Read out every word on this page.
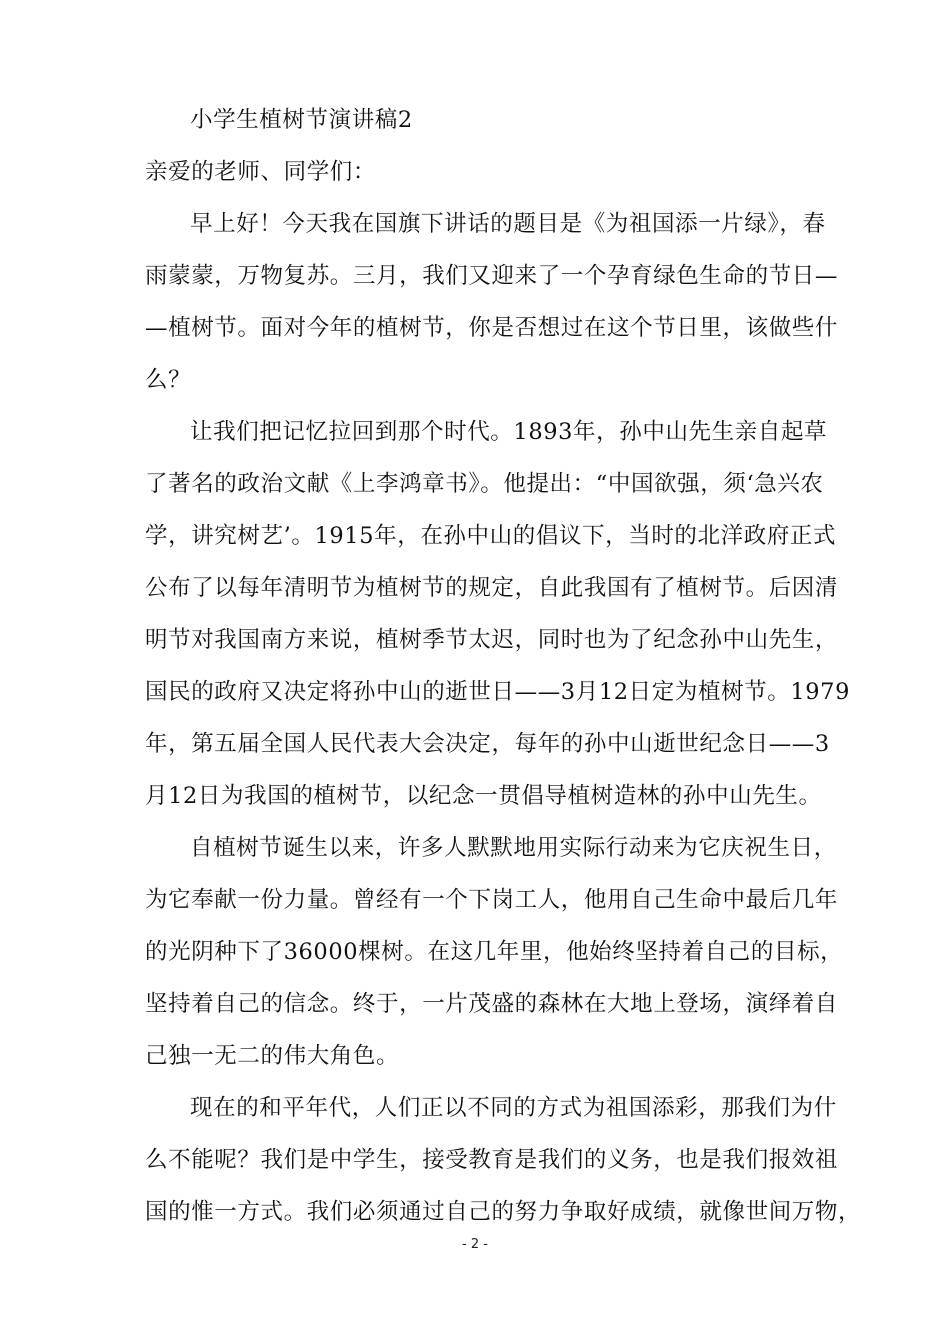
小学生植树节演讲稿2
亲爱的老师、同学们：
早上好！今天我在国旗下讲话的题目是《为祖国添一片绿》，春
雨蒙蒙，万物复苏。三月，我们又迎来了一个孕育绿色生命的节日—
—植树节。面对今年的植树节，你是否想过在这个节日里，该做些什
么？
让我们把记忆拉回到那个时代。1893年，孙中山先生亲自起草
了著名的政治文献《上李鸿章书》。他提出：“中国欲强，须‘急兴农
学，讲究树艺’。1915年，在孙中山的倡议下，当时的北洋政府正式
公布了以每年清明节为植树节的规定，自此我国有了植树节。后因清
明节对我国南方来说，植树季节太迟，同时也为了纪念孙中山先生，
国民的政府又决定将孙中山的逝世日——3月12日定为植树节。1979
年，第五届全国人民代表大会决定，每年的孙中山逝世纪念日——3
月12日为我国的植树节，以纪念一贯倡导植树造林的孙中山先生。
自植树节诞生以来，许多人默默地用实际行动来为它庆祝生日，
为它奉献一份力量。曾经有一个下岗工人，他用自己生命中最后几年
的光阴种下了36000棵树。在这几年里，他始终坚持着自己的目标，
坚持着自己的信念。终于，一片茂盛的森林在大地上登场，演绎着自
己独一无二的伟大角色。
现在的和平年代，人们正以不同的方式为祖国添彩，那我们为什
么不能呢？我们是中学生，接受教育是我们的义务，也是我们报效祖
国的惟一方式。我们必须通过自己的努力争取好成绩，就像世间万物，
- 2 -
